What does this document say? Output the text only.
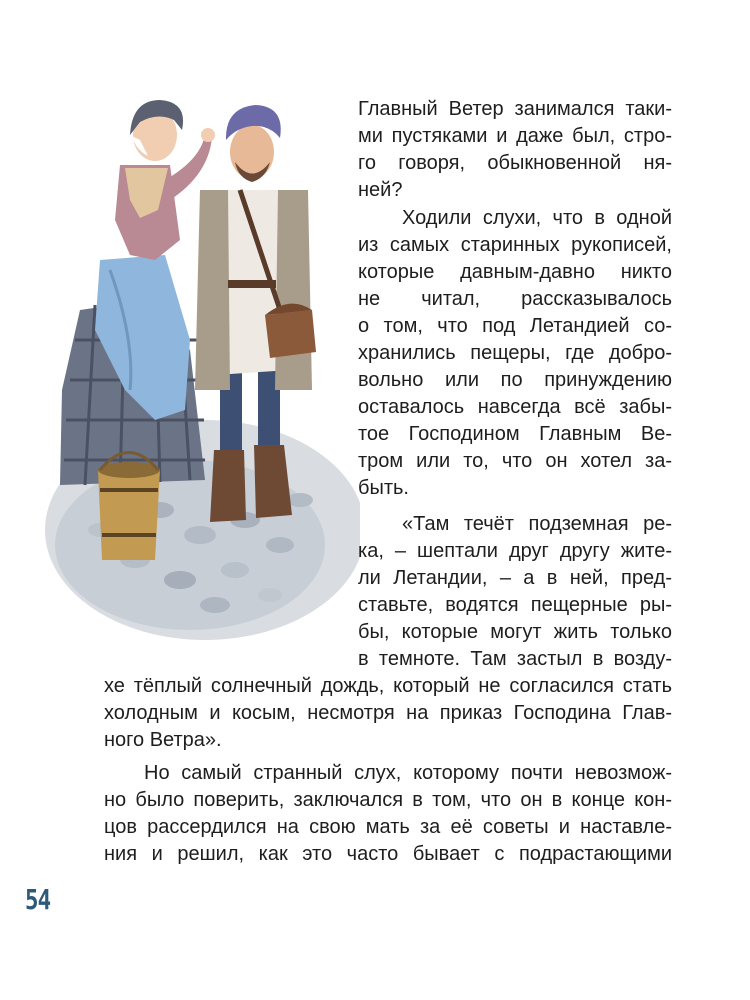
Главный Ветер занимался таки-
ми пустяками и даже был, стро-
го говоря, обыкновенной ня-
ней?
Ходили слухи, что в одной
из самых старинных рукописей,
которые давным-давно никто
не читал, рассказывалось
о том, что под Летандией со-
хранились пещеры, где добро-
вольно или по принуждению
оставалось навсегда всё забы-
тое Господином Главным Ве-
тром или то, что он хотел за-
быть.
«Там течёт подземная ре-
ка, – шептали друг другу жите-
ли Летандии, – а в ней, пред-
ставьте, водятся пещерные ры-
бы, которые могут жить только
в темноте. Там застыл в возду-
хе тёплый солнечный дождь, который не согласился стать
холодным и косым, несмотря на приказ Господина Глав-
ного Ветра».
Но самый странный слух, которому почти невозмож-
но было поверить, заключался в том, что он в конце кон-
цов рассердился на свою мать за её советы и наставле-
ния и решил, как это часто бывает с подрастающими
54
